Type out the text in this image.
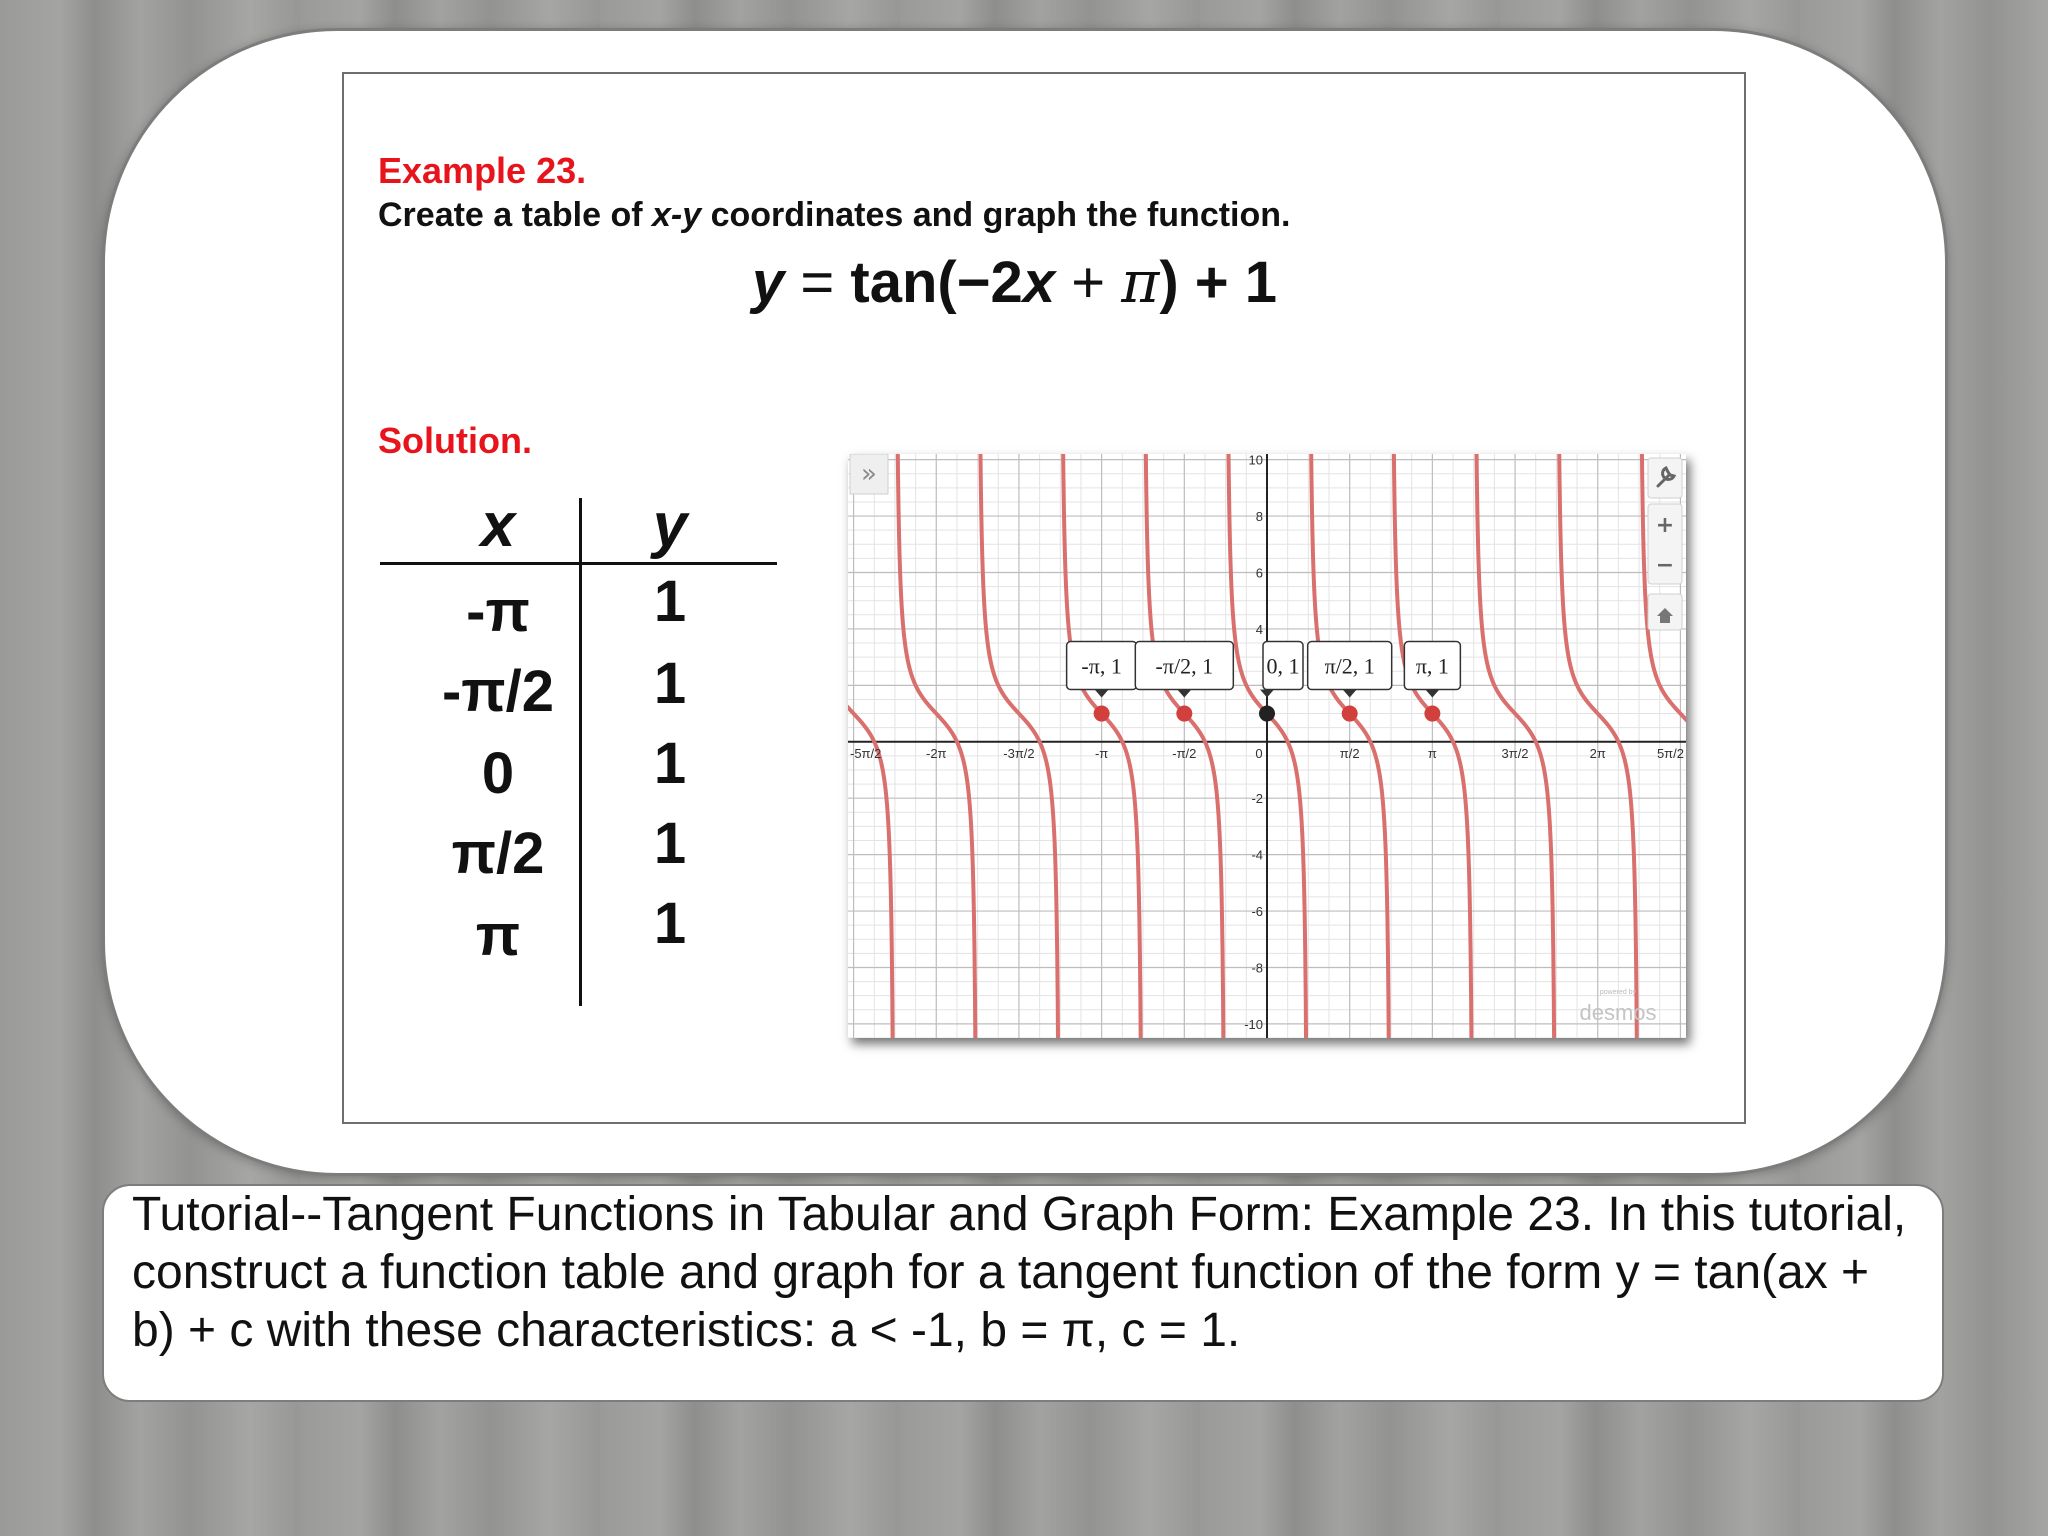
Example 23.
Create a table of x-y coordinates and graph the function.
y = tan(−2x + π) + 1
Solution.
x	y
-π	1
-π/2	1
0	1
π/2	1
π	1
-5π/2	-2π	-3π/2	-π	-π/2	0	π/2	π	3π/2	2π	5π/2
10
8
6
4
-2
-4
-6
-8
-10
-π, 1 -π/2, 1 0, 1 π/2, 1 π, 1
»
+
−
powered by
desmos
Tutorial--Tangent Functions in Tabular and Graph Form: Example 23. In this tutorial, construct a function table and graph for a tangent function of the form y = tan(ax + b) + c with these characteristics: a < -1, b = π, c = 1.
